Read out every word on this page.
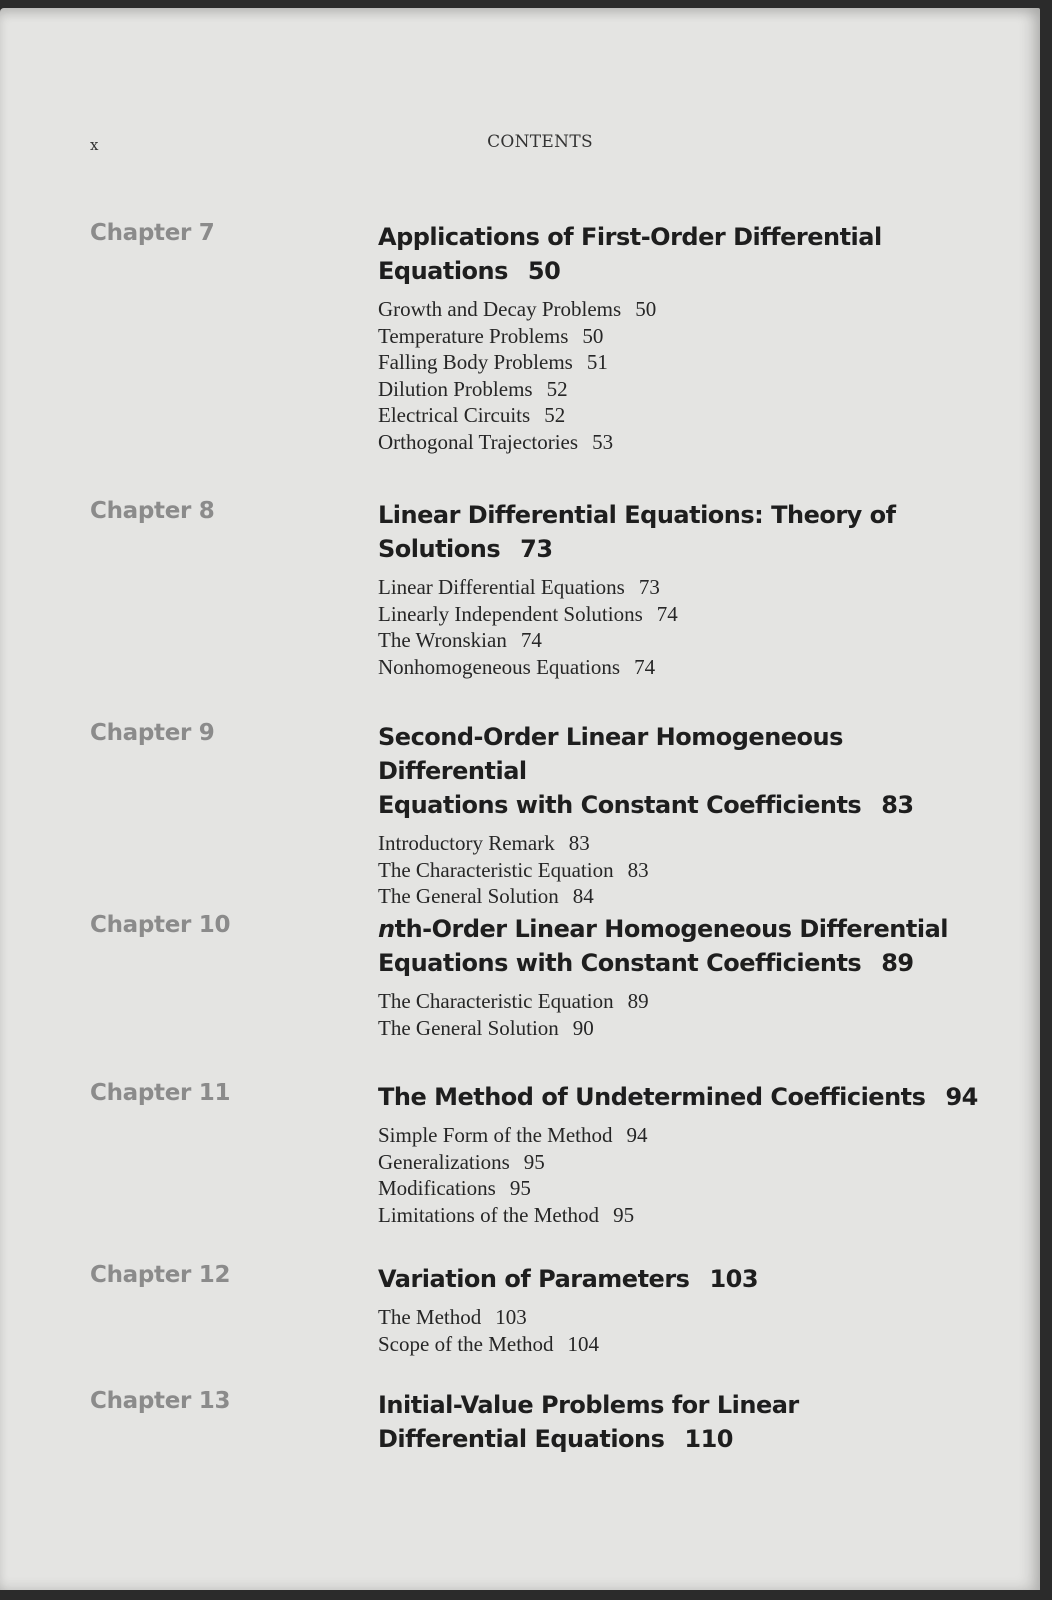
x	CONTENTS
Chapter 7	Applications of First-Order Differential
Equations 50
Growth and Decay Problems 50
Temperature Problems 50
Falling Body Problems 51
Dilution Problems 52
Electrical Circuits 52
Orthogonal Trajectories 53
Chapter 8	Linear Differential Equations: Theory of
Solutions 73
Linear Differential Equations 73
Linearly Independent Solutions 74
The Wronskian 74
Nonhomogeneous Equations 74
Chapter 9	Second-Order Linear Homogeneous Differential
Equations with Constant Coefficients 83
Introductory Remark 83
The Characteristic Equation 83
The General Solution 84
Chapter 10	nth-Order Linear Homogeneous Differential
Equations with Constant Coefficients 89
The Characteristic Equation 89
The General Solution 90
Chapter 11	The Method of Undetermined Coefficients 94
Simple Form of the Method 94
Generalizations 95
Modifications 95
Limitations of the Method 95
Chapter 12	Variation of Parameters 103
The Method 103
Scope of the Method 104
Chapter 13	Initial-Value Problems for Linear
Differential Equations 110
